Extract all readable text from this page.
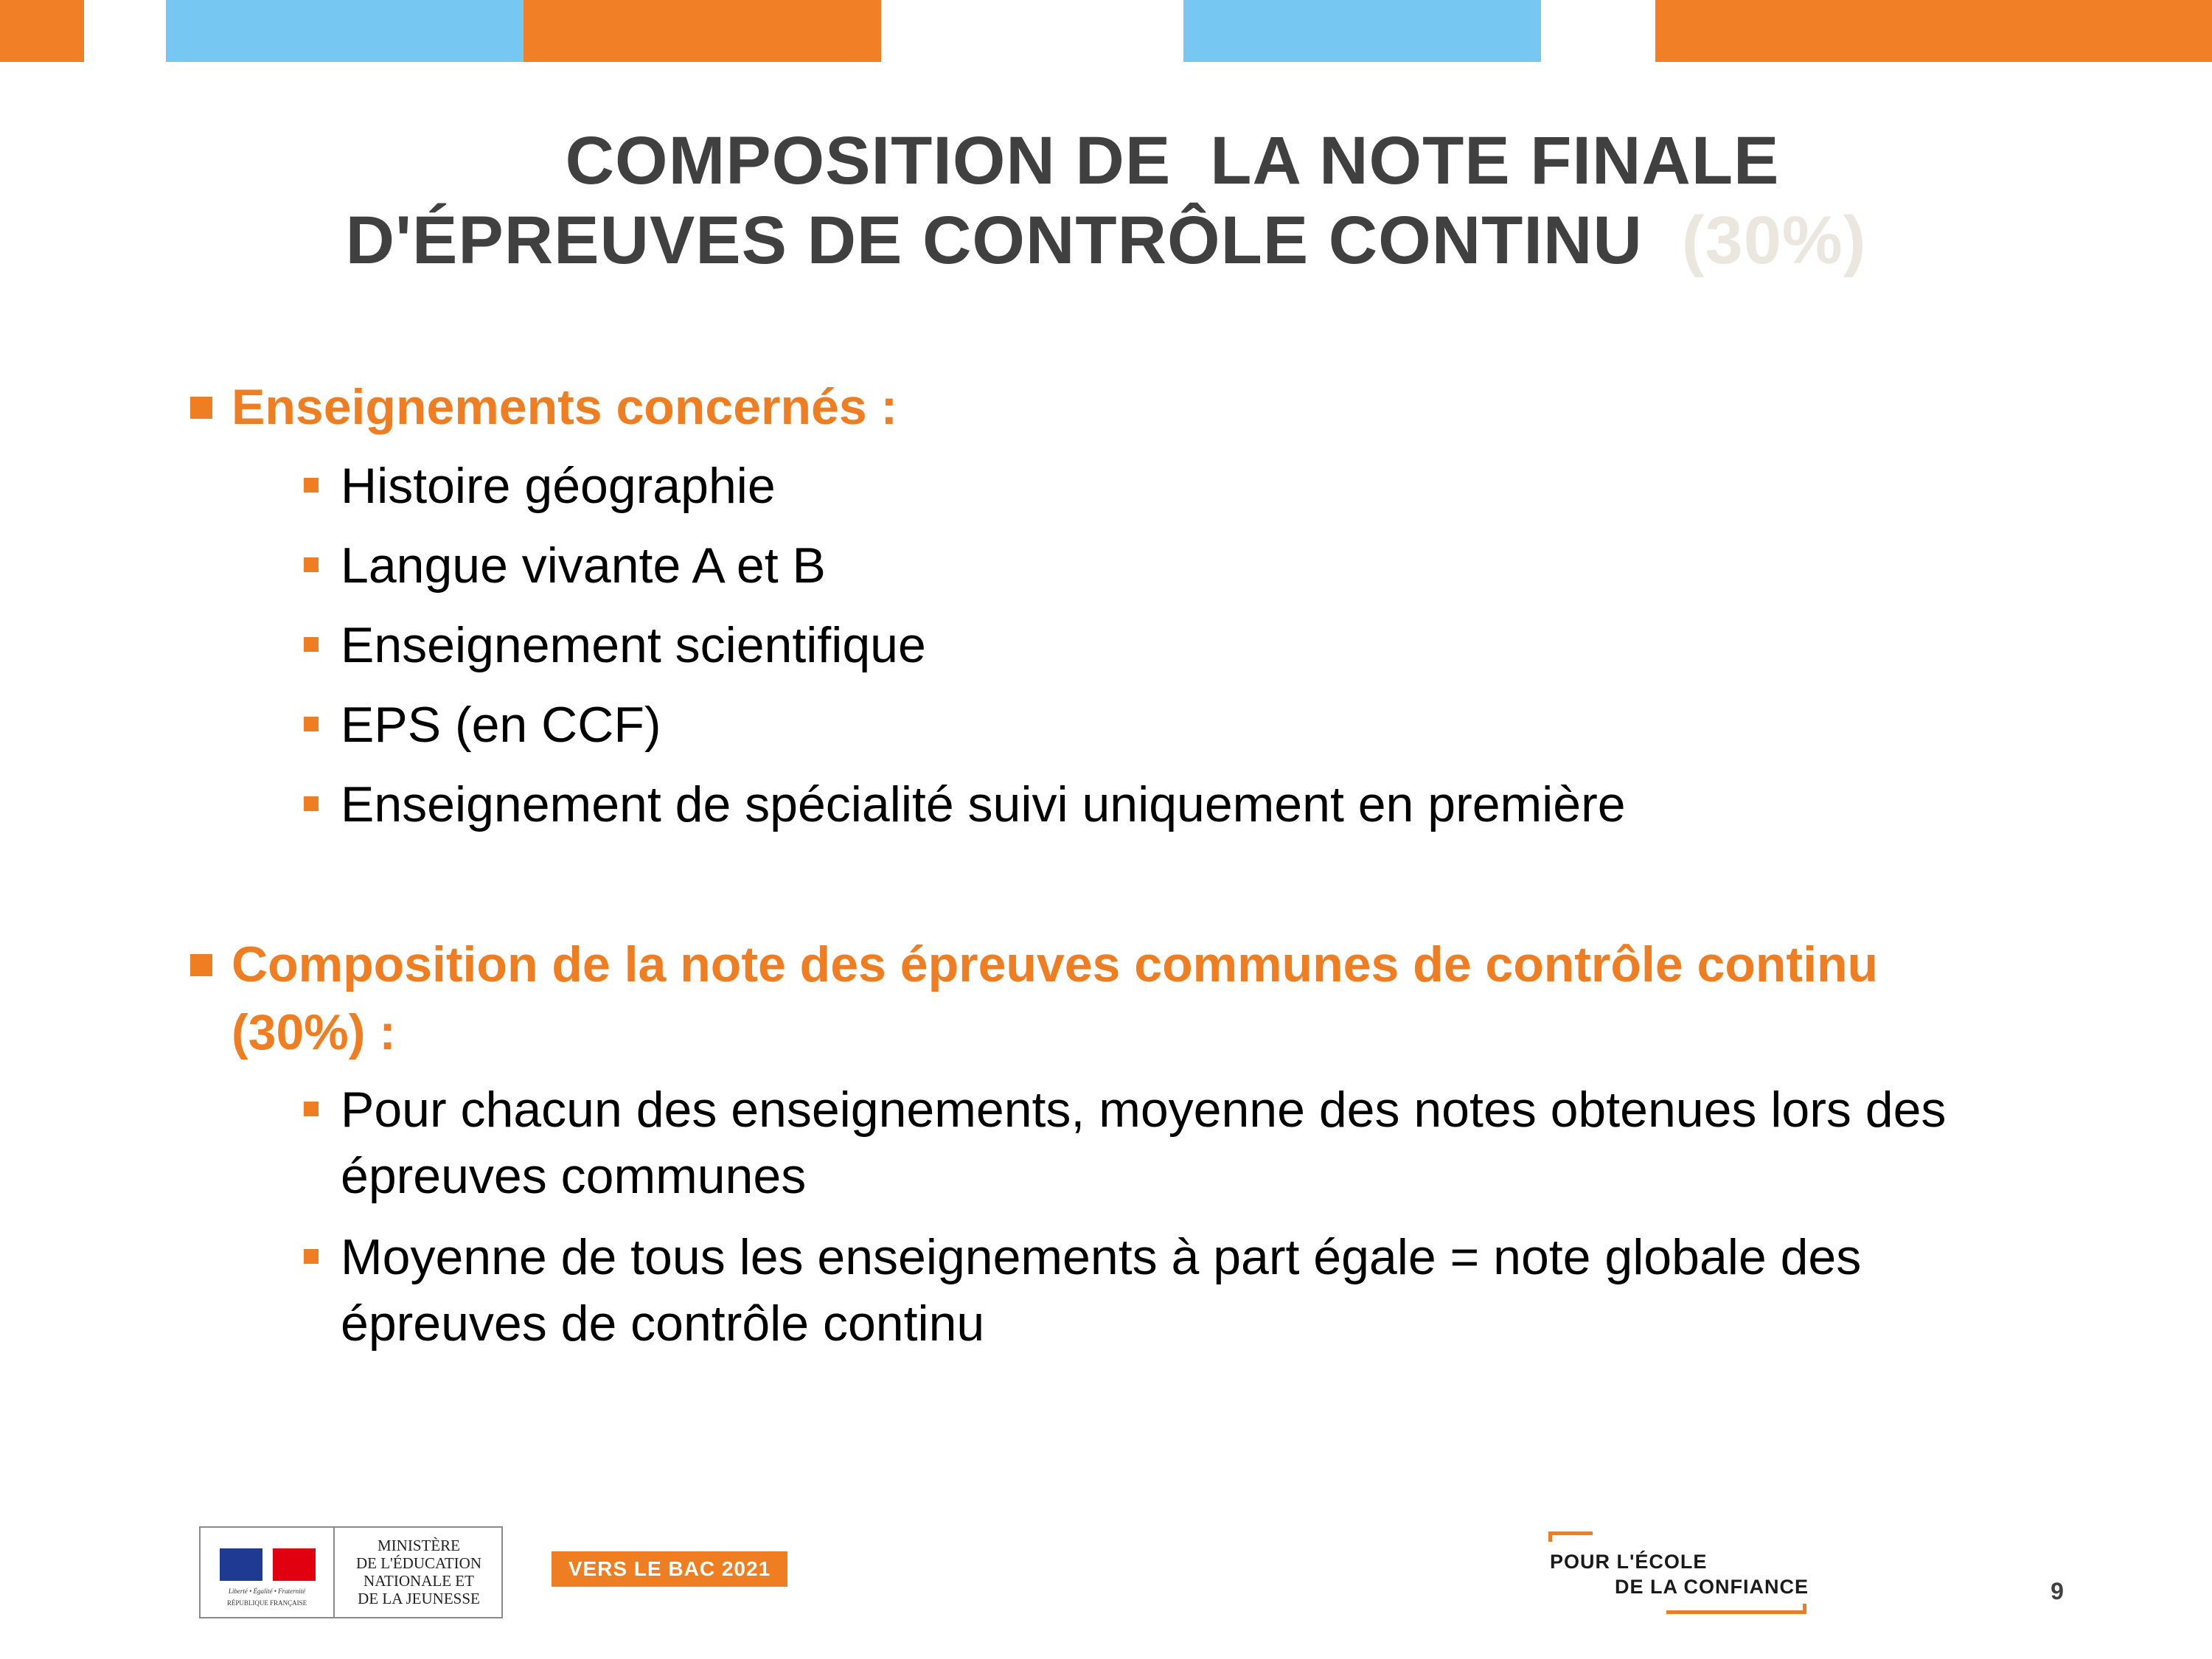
COMPOSITION DE  LA NOTE FINALE
D'ÉPREUVES DE CONTRÔLE CONTINU (30%)
Enseignements concernés :
Histoire géographie
Langue vivante A et B
Enseignement scientifique
EPS (en CCF)
Enseignement de spécialité suivi uniquement en première
Composition de la note des épreuves communes de contrôle continu (30%) :
Pour chacun des enseignements, moyenne des notes obtenues lors des épreuves communes
Moyenne de tous les enseignements à part égale = note globale des épreuves de contrôle continu
Liberté • Égalité • Fraternité
RÉPUBLIQUE FRANÇAISE
MINISTÈRE
DE L'ÉDUCATION
NATIONALE ET
DE LA JEUNESSE
VERS LE BAC 2021	POUR L'ÉCOLE
DE LA CONFIANCE	9
